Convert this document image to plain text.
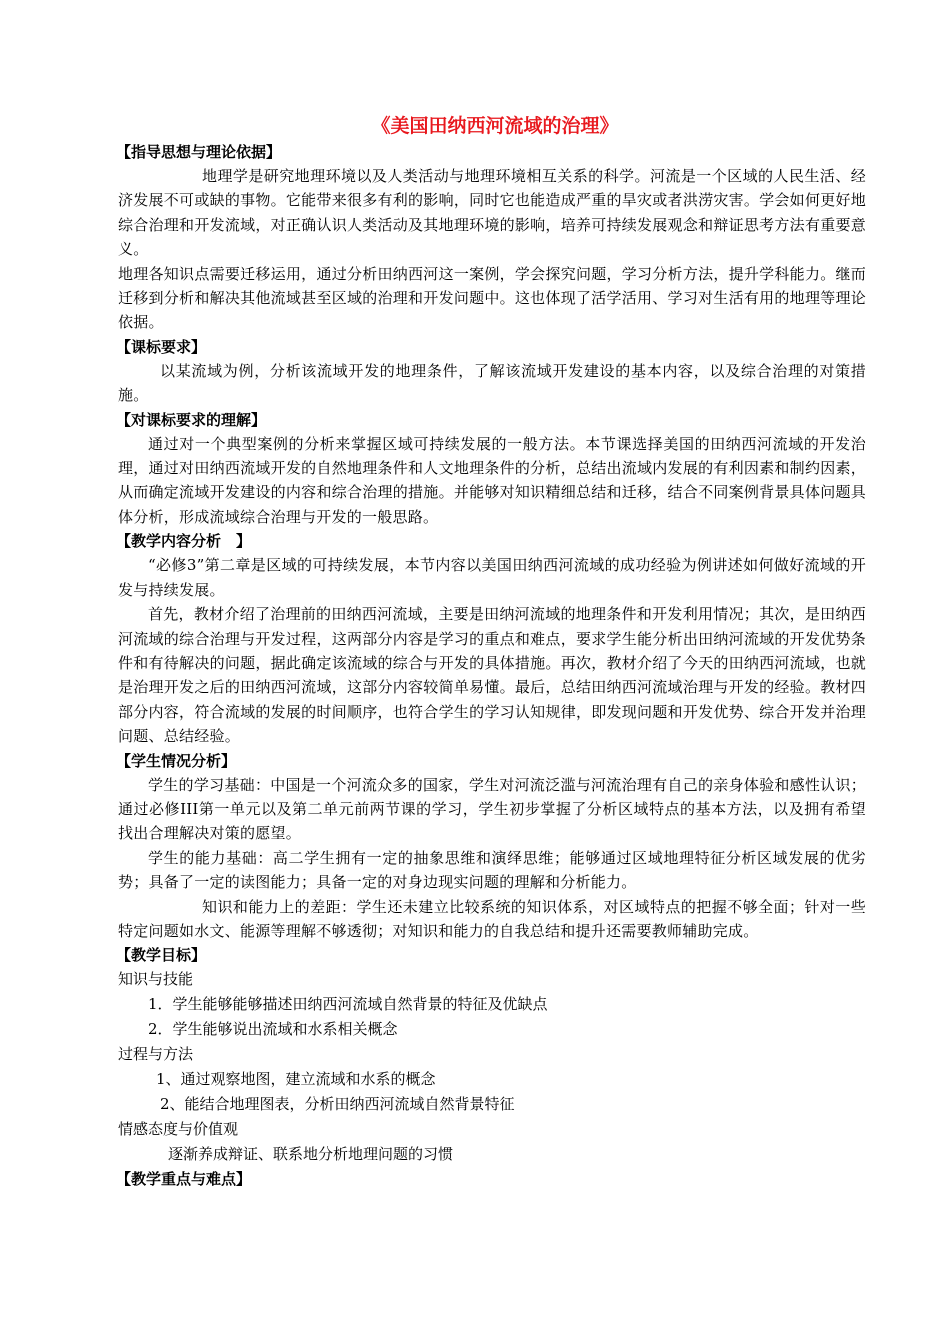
《美国田纳西河流域的治理》
【指导思想与理论依据】
地理学是研究地理环境以及人类活动与地理环境相互关系的科学。河流是一个区域的人民生活、经济发展不可或缺的事物。它能带来很多有利的影响，同时它也能造成严重的旱灾或者洪涝灾害。学会如何更好地综合治理和开发流域，对正确认识人类活动及其地理环境的影响，培养可持续发展观念和辩证思考方法有重要意义。
地理各知识点需要迁移运用，通过分析田纳西河这一案例，学会探究问题，学习分析方法，提升学科能力。继而迁移到分析和解决其他流域甚至区域的治理和开发问题中。这也体现了活学活用、学习对生活有用的地理等理论依据。
【课标要求】
以某流域为例，分析该流域开发的地理条件，了解该流域开发建设的基本内容，以及综合治理的对策措施。
【对课标要求的理解】
通过对一个典型案例的分析来掌握区域可持续发展的一般方法。本节课选择美国的田纳西河流域的开发治理，通过对田纳西流域开发的自然地理条件和人文地理条件的分析，总结出流域内发展的有利因素和制约因素，从而确定流域开发建设的内容和综合治理的措施。并能够对知识精细总结和迁移，结合不同案例背景具体问题具体分析，形成流域综合治理与开发的一般思路。
【教学内容分析　】
“必修3”第二章是区域的可持续发展，本节内容以美国田纳西河流域的成功经验为例讲述如何做好流域的开发与持续发展。
首先，教材介绍了治理前的田纳西河流域，主要是田纳河流域的地理条件和开发利用情况；其次，是田纳西河流域的综合治理与开发过程，这两部分内容是学习的重点和难点，要求学生能分析出田纳河流域的开发优势条件和有待解决的问题，据此确定该流域的综合与开发的具体措施。再次，教材介绍了今天的田纳西河流域，也就是治理开发之后的田纳西河流域，这部分内容较简单易懂。最后，总结田纳西河流域治理与开发的经验。教材四部分内容，符合流域的发展的时间顺序，也符合学生的学习认知规律，即发现问题和开发优势、综合开发并治理问题、总结经验。
【学生情况分析】
学生的学习基础：中国是一个河流众多的国家，学生对河流泛滥与河流治理有自己的亲身体验和感性认识；通过必修III第一单元以及第二单元前两节课的学习，学生初步掌握了分析区域特点的基本方法，以及拥有希望找出合理解决对策的愿望。
学生的能力基础：高二学生拥有一定的抽象思维和演绎思维；能够通过区域地理特征分析区域发展的优劣势；具备了一定的读图能力；具备一定的对身边现实问题的理解和分析能力。
知识和能力上的差距：学生还未建立比较系统的知识体系，对区域特点的把握不够全面；针对一些特定问题如水文、能源等理解不够透彻；对知识和能力的自我总结和提升还需要教师辅助完成。
【教学目标】
知识与技能
1．学生能够能够描述田纳西河流域自然背景的特征及优缺点
2．学生能够说出流域和水系相关概念
过程与方法
1、通过观察地图，建立流域和水系的概念
2、能结合地理图表，分析田纳西河流域自然背景特征
情感态度与价值观
逐渐养成辩证、联系地分析地理问题的习惯
【教学重点与难点】
